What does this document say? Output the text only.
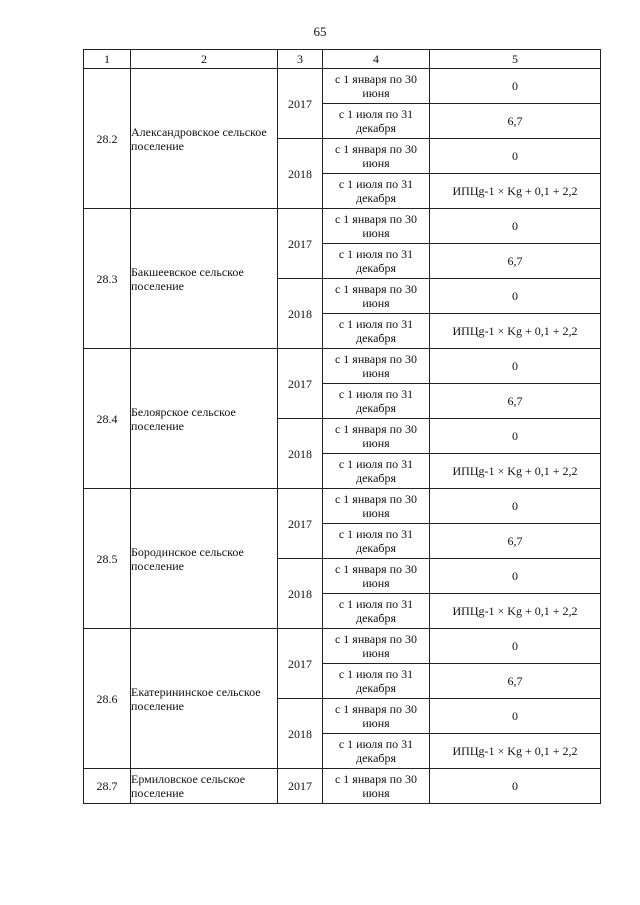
65
1	2	3	4	5
28.2	Александровское сельское поселение	2017	с 1 января по 30 июня	0
			с 1 июля по 31 декабря	6,7
		2018	с 1 января по 30 июня	0
			с 1 июля по 31 декабря	ИПЦg-1 × Kg + 0,1 + 2,2
28.3	Бакшеевское сельское поселение	2017	с 1 января по 30 июня	0
			с 1 июля по 31 декабря	6,7
		2018	с 1 января по 30 июня	0
			с 1 июля по 31 декабря	ИПЦg-1 × Kg + 0,1 + 2,2
28.4	Белоярское сельское поселение	2017	с 1 января по 30 июня	0
			с 1 июля по 31 декабря	6,7
		2018	с 1 января по 30 июня	0
			с 1 июля по 31 декабря	ИПЦg-1 × Kg + 0,1 + 2,2
28.5	Бородинское сельское поселение	2017	с 1 января по 30 июня	0
			с 1 июля по 31 декабря	6,7
		2018	с 1 января по 30 июня	0
			с 1 июля по 31 декабря	ИПЦg-1 × Kg + 0,1 + 2,2
28.6	Екатерининское сельское поселение	2017	с 1 января по 30 июня	0
			с 1 июля по 31 декабря	6,7
		2018	с 1 января по 30 июня	0
			с 1 июля по 31 декабря	ИПЦg-1 × Kg + 0,1 + 2,2
28.7	Ермиловское сельское поселение	2017	с 1 января по 30 июня	0
